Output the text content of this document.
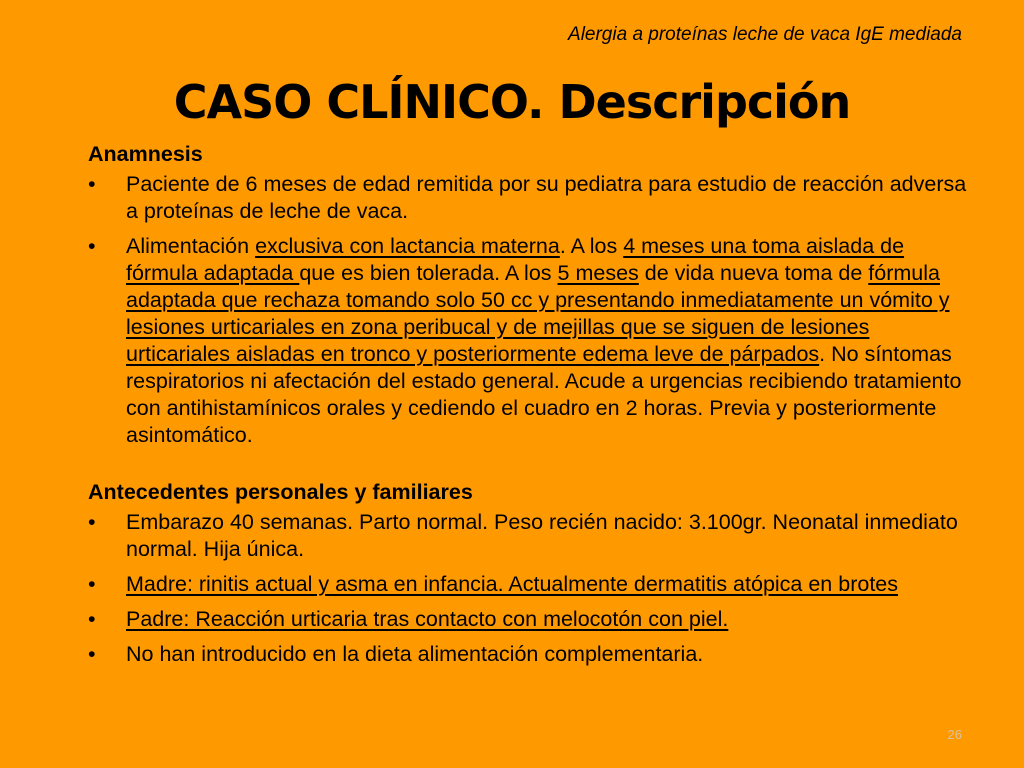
Alergia a proteínas leche de vaca IgE mediada
CASO CLÍNICO. Descripción

Anamnesis

• Paciente de 6 meses de edad remitida por su pediatra para estudio de reacción adversa a proteínas de leche de vaca.
• Alimentación exclusiva con lactancia materna. A los 4 meses una toma aislada de fórmula adaptada que es bien tolerada. A los 5 meses de vida nueva toma de fórmula adaptada que rechaza tomando solo 50 cc y presentando inmediatamente un vómito y lesiones urticariales en zona peribucal y de mejillas que se siguen de lesiones urticariales aisladas en tronco y posteriormente edema leve de párpados. No síntomas respiratorios ni afectación del estado general. Acude a urgencias recibiendo tratamiento con antihistamínicos orales y cediendo el cuadro en 2 horas. Previa y posteriormente asintomático.

Antecedentes personales y familiares

• Embarazo 40 semanas. Parto normal. Peso recién nacido: 3.100gr. Neonatal inmediato normal. Hija única.
• Madre: rinitis actual y asma en infancia. Actualmente dermatitis atópica en brotes
• Padre: Reacción urticaria tras contacto con melocotón con piel.
• No han introducido en la dieta alimentación complementaria.
26
